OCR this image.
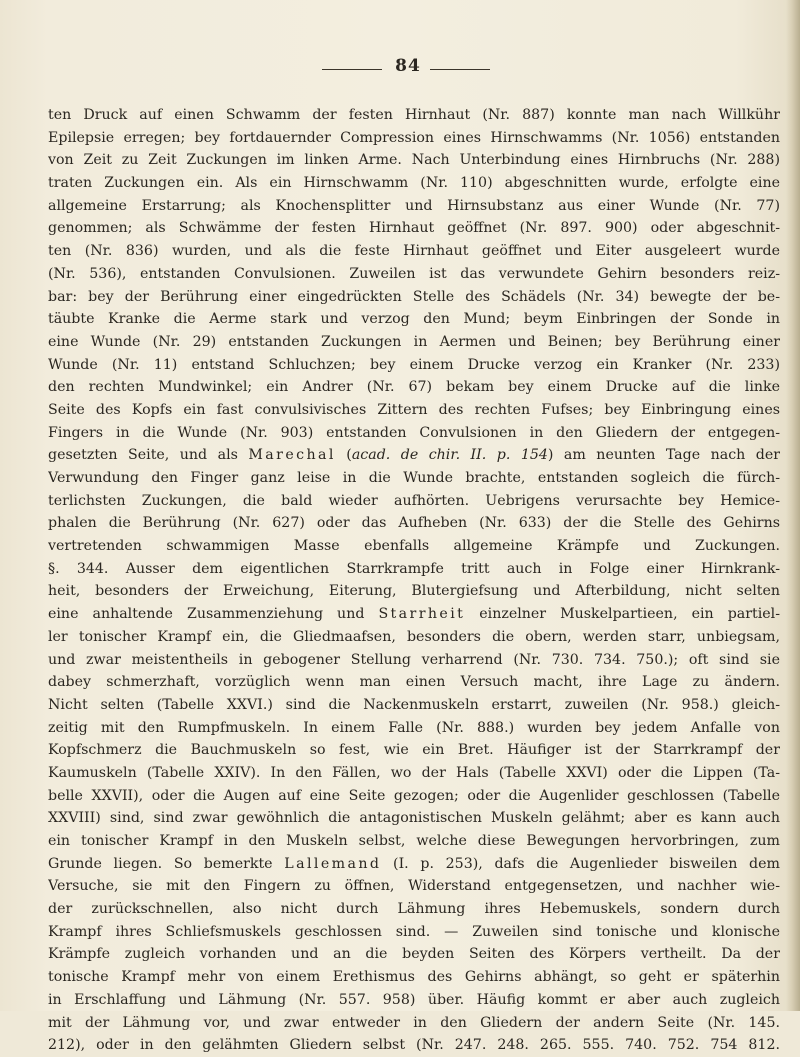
84
ten Druck auf einen Schwamm der festen Hirnhaut (Nr. 887) konnte man nach Willkühr
Epilepsie erregen; bey fortdauernder Compression eines Hirnschwamms (Nr. 1056) entstanden
von Zeit zu Zeit Zuckungen im linken Arme. Nach Unterbindung eines Hirnbruchs (Nr. 288)
traten Zuckungen ein. Als ein Hirnschwamm (Nr. 110) abgeschnitten wurde, erfolgte eine
allgemeine Erstarrung; als Knochensplitter und Hirnsubstanz aus einer Wunde (Nr. 77)
genommen; als Schwämme der festen Hirnhaut geöffnet (Nr. 897. 900) oder abgeschnit-
ten (Nr. 836) wurden, und als die feste Hirnhaut geöffnet und Eiter ausgeleert wurde
(Nr. 536), entstanden Convulsionen. Zuweilen ist das verwundete Gehirn besonders reiz-
bar: bey der Berührung einer eingedrückten Stelle des Schädels (Nr. 34) bewegte der be-
täubte Kranke die Aerme stark und verzog den Mund; beym Einbringen der Sonde in
eine Wunde (Nr. 29) entstanden Zuckungen in Aermen und Beinen; bey Berührung einer
Wunde (Nr. 11) entstand Schluchzen; bey einem Drucke verzog ein Kranker (Nr. 233)
den rechten Mundwinkel; ein Andrer (Nr. 67) bekam bey einem Drucke auf die linke
Seite des Kopfs ein fast convulsivisches Zittern des rechten Fufses; bey Einbringung eines
Fingers in die Wunde (Nr. 903) entstanden Convulsionen in den Gliedern der entgegen-
gesetzten Seite, und als Marechal (acad. de chir. II. p. 154) am neunten Tage nach der
Verwundung den Finger ganz leise in die Wunde brachte, entstanden sogleich die fürch-
terlichsten Zuckungen, die bald wieder aufhörten. Uebrigens verursachte bey Hemice-
phalen die Berührung (Nr. 627) oder das Aufheben (Nr. 633) der die Stelle des Gehirns
vertretenden schwammigen Masse ebenfalls allgemeine Krämpfe und Zuckungen.
§. 344. Ausser dem eigentlichen Starrkrampfe tritt auch in Folge einer Hirnkrank-
heit, besonders der Erweichung, Eiterung, Blutergiefsung und Afterbildung, nicht selten
eine anhaltende Zusammenziehung und Starrheit einzelner Muskelpartieen, ein partiel-
ler tonischer Krampf ein, die Gliedmaafsen, besonders die obern, werden starr, unbiegsam,
und zwar meistentheils in gebogener Stellung verharrend (Nr. 730. 734. 750.); oft sind sie
dabey schmerzhaft, vorzüglich wenn man einen Versuch macht, ihre Lage zu ändern.
Nicht selten (Tabelle XXVI.) sind die Nackenmuskeln erstarrt, zuweilen (Nr. 958.) gleich-
zeitig mit den Rumpfmuskeln. In einem Falle (Nr. 888.) wurden bey jedem Anfalle von
Kopfschmerz die Bauchmuskeln so fest, wie ein Bret. Häufiger ist der Starrkrampf der
Kaumuskeln (Tabelle XXIV). In den Fällen, wo der Hals (Tabelle XXVI) oder die Lippen (Ta-
belle XXVII), oder die Augen auf eine Seite gezogen; oder die Augenlider geschlossen (Tabelle
XXVIII) sind, sind zwar gewöhnlich die antagonistischen Muskeln gelähmt; aber es kann auch
ein tonischer Krampf in den Muskeln selbst, welche diese Bewegungen hervorbringen, zum
Grunde liegen. So bemerkte Lallemand (I. p. 253), dafs die Augenlieder bisweilen dem
Versuche, sie mit den Fingern zu öffnen, Widerstand entgegensetzen, und nachher wie-
der zurückschnellen, also nicht durch Lähmung ihres Hebemuskels, sondern durch
Krampf ihres Schliefsmuskels geschlossen sind. — Zuweilen sind tonische und klonische
Krämpfe zugleich vorhanden und an die beyden Seiten des Körpers vertheilt. Da der
tonische Krampf mehr von einem Erethismus des Gehirns abhängt, so geht er späterhin
in Erschlaffung und Lähmung (Nr. 557. 958) über. Häufig kommt er aber auch zugleich
mit der Lähmung vor, und zwar entweder in den Gliedern der andern Seite (Nr. 145.
212), oder in den gelähmten Gliedern selbst (Nr. 247. 248. 265. 555. 740. 752. 754 812.
